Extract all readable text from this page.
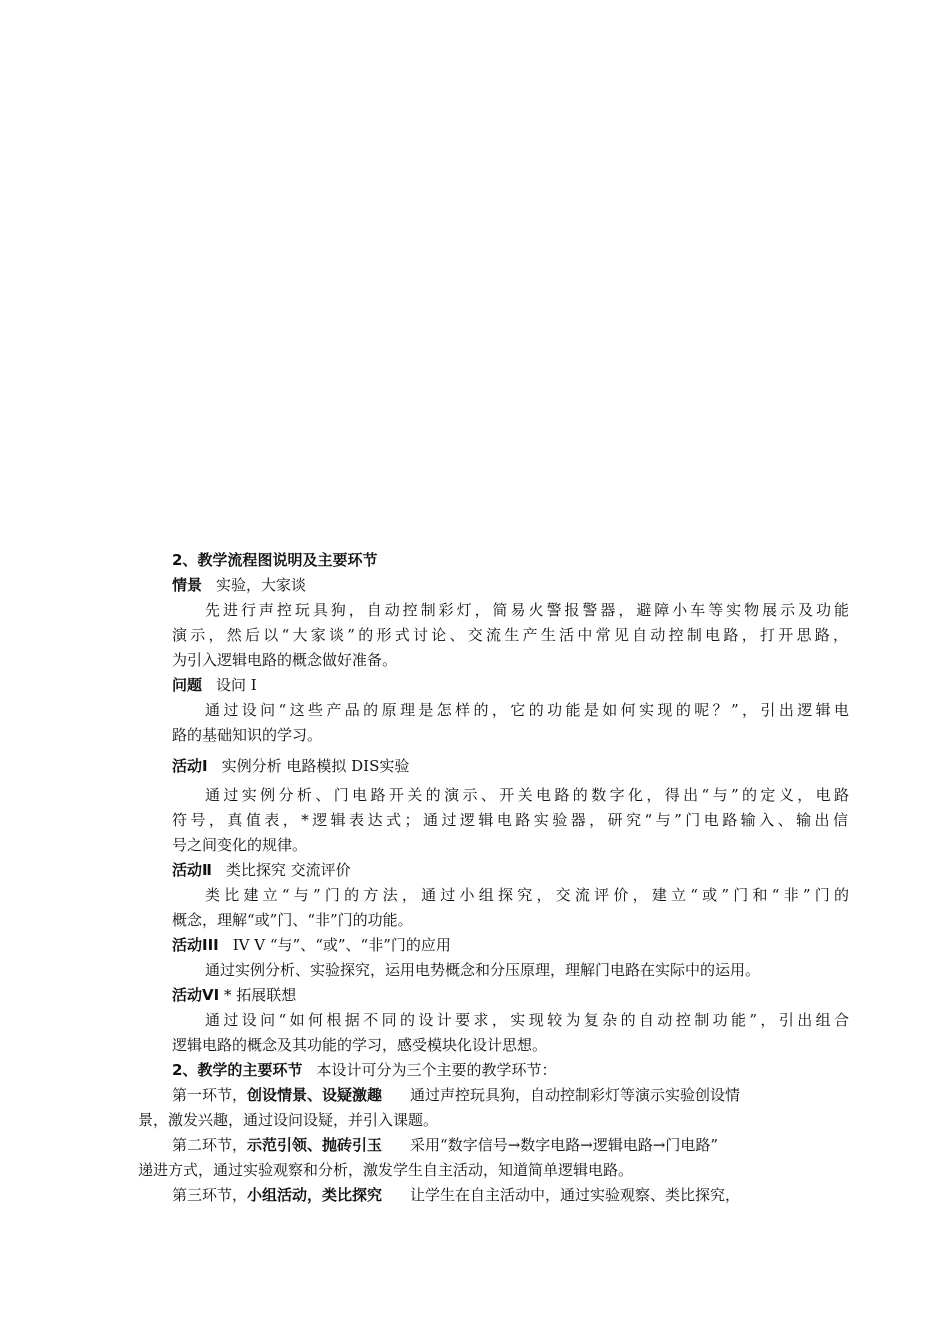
2、教学流程图说明及主要环节
情景 实验，大家谈
先进行声控玩具狗，自动控制彩灯，简易火警报警器，避障小车等实物展示及功能
演示，然后以“大家谈”的形式讨论、交流生产生活中常见自动控制电路，打开思路，
为引入逻辑电路的概念做好准备。
问题 设问 I
通过设问“这些产品的原理是怎样的，它的功能是如何实现的呢？”，引出逻辑电
路的基础知识的学习。
活动Ⅰ 实例分析 电路模拟 DIS实验
通过实例分析、门电路开关的演示、开关电路的数字化，得出“与”的定义，电路
符号，真值表，*逻辑表达式；通过逻辑电路实验器，研究“与”门电路输入、输出信
号之间变化的规律。
活动Ⅱ 类比探究 交流评价
类比建立“与”门的方法，通过小组探究，交流评价，建立“或”门和“非”门的
概念，理解“或”门、“非”门的功能。
活动III IV V “与”、“或”、“非”门的应用
通过实例分析、实验探究，运用电势概念和分压原理，理解门电路在实际中的运用。
活动VI * 拓展联想
通过设问“如何根据不同的设计要求，实现较为复杂的自动控制功能”，引出组合
逻辑电路的概念及其功能的学习，感受模块化设计思想。
2、教学的主要环节 本设计可分为三个主要的教学环节：
第一环节，创设情景、设疑激趣 通过声控玩具狗，自动控制彩灯等演示实验创设情
景，激发兴趣，通过设问设疑，并引入课题。
第二环节，示范引领、抛砖引玉 采用“数字信号→数字电路→逻辑电路→门电路”
递进方式，通过实验观察和分析，激发学生自主活动，知道简单逻辑电路。
第三环节，小组活动，类比探究 让学生在自主活动中，通过实验观察、类比探究，
